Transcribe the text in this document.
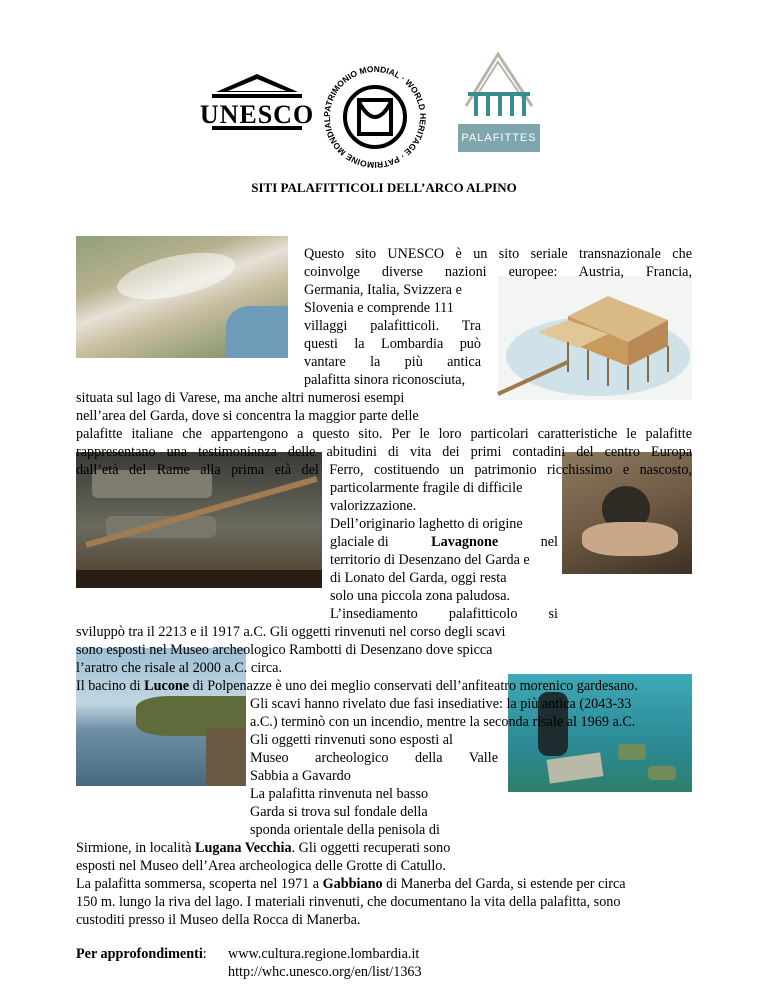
UNESCO PATRIMONIO MONDIAL · WORLD HERITAGE · PATRIMOINE MONDIAL
PALAFITTES
SITI PALAFITTICOLI DELL’ARCO ALPINO
Questo sito UNESCO è un sito seriale transnazionale che
coinvolge diverse nazioni europee: Austria, Francia,
Germania, Italia, Svizzera e
Slovenia e comprende 111
villaggi palafitticoli. Tra
questi la Lombardia può
vantare la più antica
palafitta sinora riconosciuta,
situata sul lago di Varese, ma anche altri numerosi esempi
nell’area del Garda, dove si concentra la maggior parte delle
palafitte italiane che appartengono a questo sito. Per le loro particolari caratteristiche le palafitte
rappresentano una testimonianza delle abitudini di vita dei primi contadini del centro Europa
dall’età del Rame alla prima età del Ferro, costituendo un patrimonio ricchissimo e nascosto,
particolarmente fragile di difficile
valorizzazione.
Dell’originario laghetto di origine
glaciale di	Lavagnone	nel
territorio di Desenzano del Garda e
di Lonato del Garda, oggi resta
solo una piccola zona paludosa.
L’insediamento palafitticolo si
sviluppò tra il 2213 e il 1917 a.C. Gli oggetti rinvenuti nel corso degli scavi
sono esposti nel Museo archeologico Rambotti di Desenzano dove spicca
l’aratro che risale al 2000 a.C. circa.
Il bacino di Lucone di Polpenazze è uno dei meglio conservati dell’anfiteatro morenico gardesano.
Gli scavi hanno rivelato due fasi insediative: la più antica (2043-33
a.C.) terminò con un incendio, mentre la seconda risale al 1969 a.C.
Gli oggetti rinvenuti sono esposti al
Museo archeologico della Valle
Sabbia a Gavardo
La palafitta rinvenuta nel basso
Garda si trova sul fondale della
sponda orientale della penisola di
Sirmione, in località Lugana Vecchia. Gli oggetti recuperati sono
esposti nel Museo dell’Area archeologica delle Grotte di Catullo.
La palafitta sommersa, scoperta nel 1971 a Gabbiano di Manerba del Garda, si estende per circa
150 m. lungo la riva del lago. I materiali rinvenuti, che documentano la vita della palafitta, sono
custoditi presso il Museo della Rocca di Manerba.
Per approfondimenti: www.cultura.regione.lombardia.it
http://whc.unesco.org/en/list/1363
